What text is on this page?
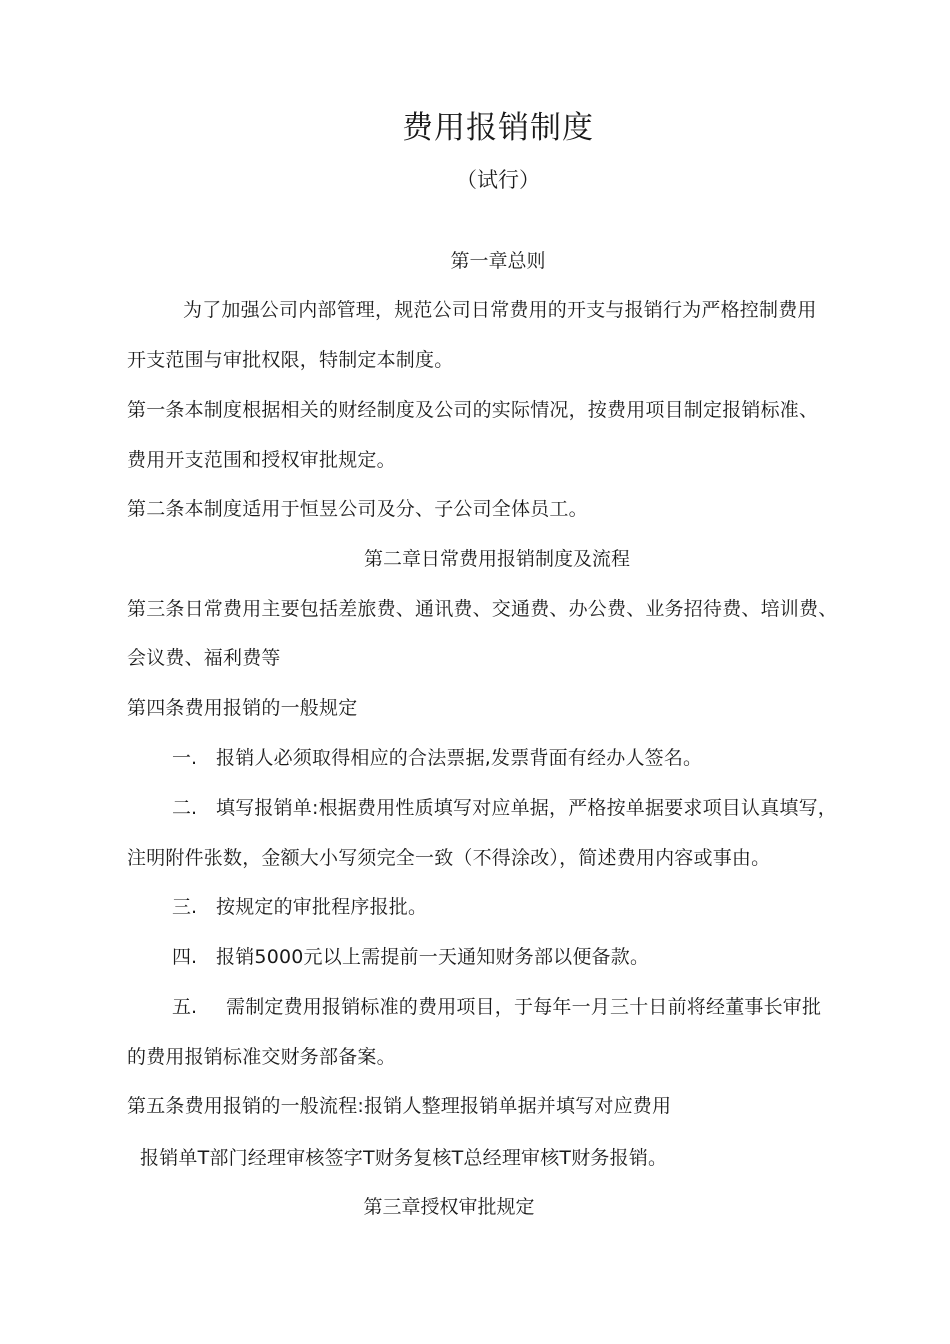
费用报销制度
（试行）
第一章总则
为了加强公司内部管理，规范公司日常费用的开支与报销行为严格控制费用
开支范围与审批权限，特制定本制度。
第一条本制度根据相关的财经制度及公司的实际情况，按费用项目制定报销标准、
费用开支范围和授权审批规定。
第二条本制度适用于恒昱公司及分、子公司全体员工。
第二章日常费用报销制度及流程
第三条日常费用主要包括差旅费、通讯费、交通费、办公费、业务招待费、培训费、
会议费、福利费等
第四条费用报销的一般规定
一. 报销人必须取得相应的合法票据,发票背面有经办人签名。
二. 填写报销单:根据费用性质填写对应单据，严格按单据要求项目认真填写，
注明附件张数，金额大小写须完全一致（不得涂改），简述费用内容或事由。
三. 按规定的审批程序报批。
四. 报销5000元以上需提前一天通知财务部以便备款。
五. 需制定费用报销标准的费用项目，于每年一月三十日前将经董事长审批
的费用报销标准交财务部备案。
第五条费用报销的一般流程:报销人整理报销单据并填写对应费用
报销单T部门经理审核签字T财务复核T总经理审核T财务报销。
第三章授权审批规定
